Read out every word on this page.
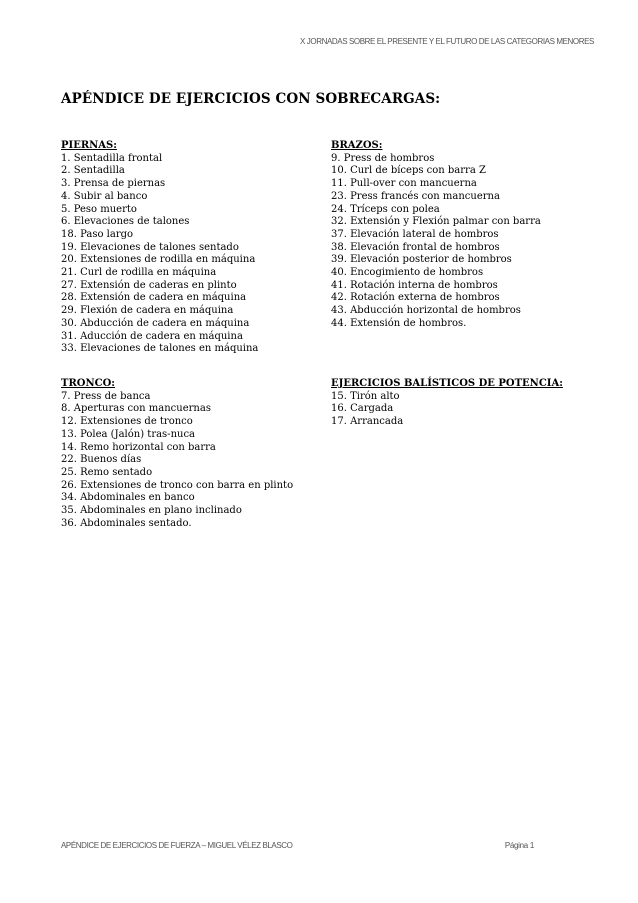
X JORNADAS SOBRE EL PRESENTE Y EL FUTURO DE LAS CATEGORIAS MENORES
APÉNDICE DE EJERCICIOS CON SOBRECARGAS:
PIERNAS:
1. Sentadilla frontal
2. Sentadilla
3. Prensa de piernas
4. Subir al banco
5. Peso muerto
6. Elevaciones de talones
18. Paso largo
19. Elevaciones de talones sentado
20. Extensiones de rodilla en máquina
21. Curl de rodilla en máquina
27. Extensión de caderas en plinto
28. Extensión de cadera en máquina
29. Flexión de cadera en máquina
30. Abducción de cadera en máquina
31. Aducción de cadera en máquina
33. Elevaciones de talones en máquina
BRAZOS:
9. Press de hombros
10. Curl de bíceps con barra Z
11. Pull-over con mancuerna
23. Press francés con mancuerna
24. Tríceps con polea
32. Extensión y Flexión palmar con barra
37. Elevación lateral de hombros
38. Elevación frontal de hombros
39. Elevación posterior de hombros
40. Encogimiento de hombros
41. Rotación interna de hombros
42. Rotación externa de hombros
43. Abducción horizontal de hombros
44. Extensión de hombros.
TRONCO:
7. Press de banca
8. Aperturas con mancuernas
12. Extensiones de tronco
13. Polea (Jalón) tras-nuca
14. Remo horizontal con barra
22. Buenos días
25. Remo sentado
26. Extensiones de tronco con barra en plinto
34. Abdominales en banco
35. Abdominales en plano inclinado
36. Abdominales sentado.
EJERCICIOS BALÍSTICOS DE POTENCIA:
15. Tirón alto
16. Cargada
17. Arrancada
APÉNDICE DE EJERCICIOS DE FUERZA – MIGUEL VÉLEZ BLASCO	Página 1
